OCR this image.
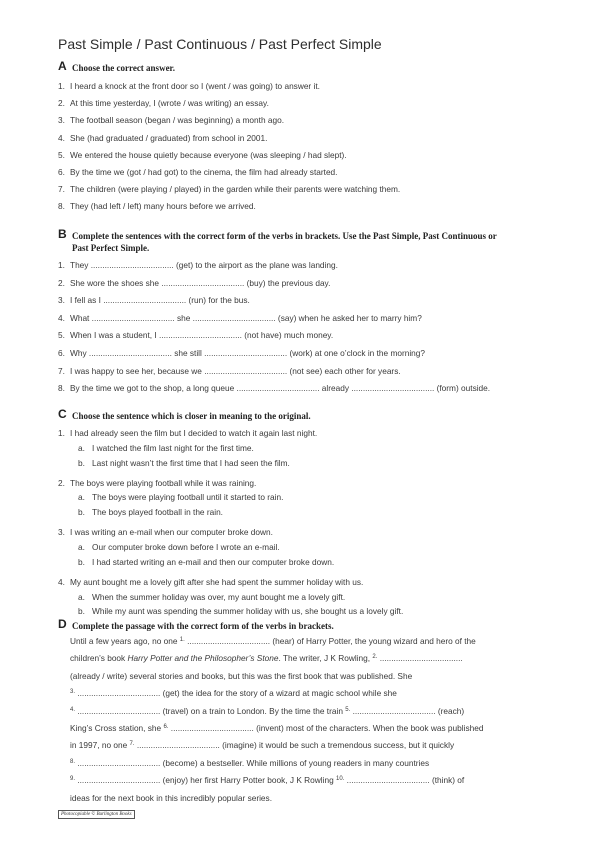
Past Simple / Past Continuous / Past Perfect Simple
A Choose the correct answer.
1. I heard a knock at the front door so I (went / was going) to answer it.
2. At this time yesterday, I (wrote / was writing) an essay.
3. The football season (began / was beginning) a month ago.
4. She (had graduated / graduated) from school in 2001.
5. We entered the house quietly because everyone (was sleeping / had slept).
6. By the time we (got / had got) to the cinema, the film had already started.
7. The children (were playing / played) in the garden while their parents were watching them.
8. They (had left / left) many hours before we arrived.
B Complete the sentences with the correct form of the verbs in brackets. Use the Past Simple, Past Continuous or
Past Perfect Simple.
1. They .................................... (get) to the airport as the plane was landing.
2. She wore the shoes she .................................... (buy) the previous day.
3. I fell as I .................................... (run) for the bus.
4. What .................................... she .................................... (say) when he asked her to marry him?
5. When I was a student, I .................................... (not have) much money.
6. Why .................................... she still .................................... (work) at one o’clock in the morning?
7. I was happy to see her, because we .................................... (not see) each other for years.
8. By the time we got to the shop, a long queue .................................... already .................................... (form) outside.
C Choose the sentence which is closer in meaning to the original.
1. I had already seen the film but I decided to watch it again last night.
a. I watched the film last night for the first time.
b. Last night wasn’t the first time that I had seen the film.
2. The boys were playing football while it was raining.
a. The boys were playing football until it started to rain.
b. The boys played football in the rain.
3. I was writing an e-mail when our computer broke down.
a. Our computer broke down before I wrote an e-mail.
b. I had started writing an e-mail and then our computer broke down.
4. My aunt bought me a lovely gift after she had spent the summer holiday with us.
a. When the summer holiday was over, my aunt bought me a lovely gift.
b. While my aunt was spending the summer holiday with us, she bought us a lovely gift.
D Complete the passage with the correct form of the verbs in brackets.
Until a few years ago, no one $^{1.}$ .................................... (hear) of Harry Potter, the young wizard and hero of the
children’s book Harry Potter and the Philosopher’s Stone. The writer, J K Rowling, $^{2.}$ ....................................
(already / write) several stories and books, but this was the first book that was published. She
$^{3.}$ .................................... (get) the idea for the story of a wizard at magic school while she
$^{4.}$ .................................... (travel) on a train to London. By the time the train $^{5.}$ .................................... (reach)
King’s Cross station, she $^{6.}$ .................................... (invent) most of the characters. When the book was published
in 1997, no one $^{7.}$ .................................... (imagine) it would be such a tremendous success, but it quickly
$^{8.}$ .................................... (become) a bestseller. While millions of young readers in many countries
$^{9.}$ .................................... (enjoy) her first Harry Potter book, J K Rowling $^{10.}$ .................................... (think) of
ideas for the next book in this incredibly popular series.
Photocopiable © Burlington Books
